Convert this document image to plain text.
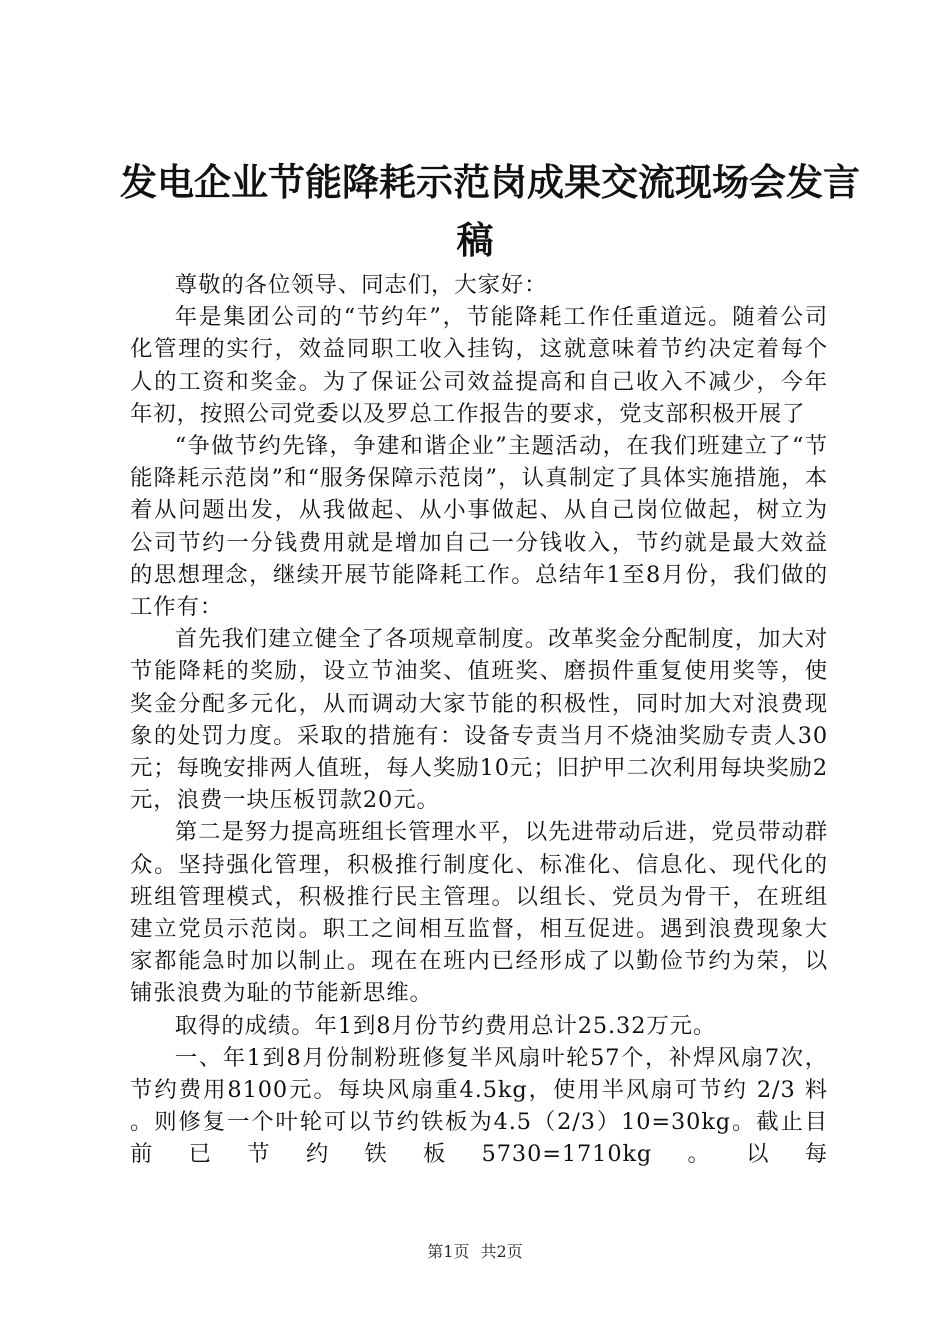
发电企业节能降耗示范岗成果交流现场会发言
稿

尊敬的各位领导、同志们，大家好：

年是集团公司的“节约年”，节能降耗工作任重道远。随着公司化管理的实行，效益同职工收入挂钩，这就意味着节约决定着每个人的工资和奖金。为了保证公司效益提高和自己收入不减少，今年年初，按照公司党委以及罗总工作报告的要求，党支部积极开展了

“争做节约先锋，争建和谐企业”主题活动，在我们班建立了“节能降耗示范岗”和“服务保障示范岗”，认真制定了具体实施措施，本着从问题出发，从我做起、从小事做起、从自己岗位做起，树立为公司节约一分钱费用就是增加自己一分钱收入，节约就是最大效益的思想理念，继续开展节能降耗工作。总结年1至8月份，我们做的工作有：

首先我们建立健全了各项规章制度。改革奖金分配制度，加大对节能降耗的奖励，设立节油奖、值班奖、磨损件重复使用奖等，使奖金分配多元化，从而调动大家节能的积极性，同时加大对浪费现象的处罚力度。采取的措施有：设备专责当月不烧油奖励专责人30元；每晚安排两人值班，每人奖励10元；旧护甲二次利用每块奖励2元，浪费一块压板罚款20元。

第二是努力提高班组长管理水平，以先进带动后进，党员带动群众。坚持强化管理，积极推行制度化、标准化、信息化、现代化的班组管理模式，积极推行民主管理。以组长、党员为骨干，在班组建立党员示范岗。职工之间相互监督，相互促进。遇到浪费现象大家都能急时加以制止。现在在班内已经形成了以勤俭节约为荣，以铺张浪费为耻的节能新思维。

取得的成绩。年1到8月份节约费用总计25.32万元。

一、年1到8月份制粉班修复半风扇叶轮57个，补焊风扇7次，节约费用8100元。每块风扇重4.5kg，使用半风扇可节约 2/3 料 。则修复一个叶轮可以节约铁板为4.5（2/3）10=30kg。截止目前已节约铁板5730=1710kg。以每

第1页 共2页
